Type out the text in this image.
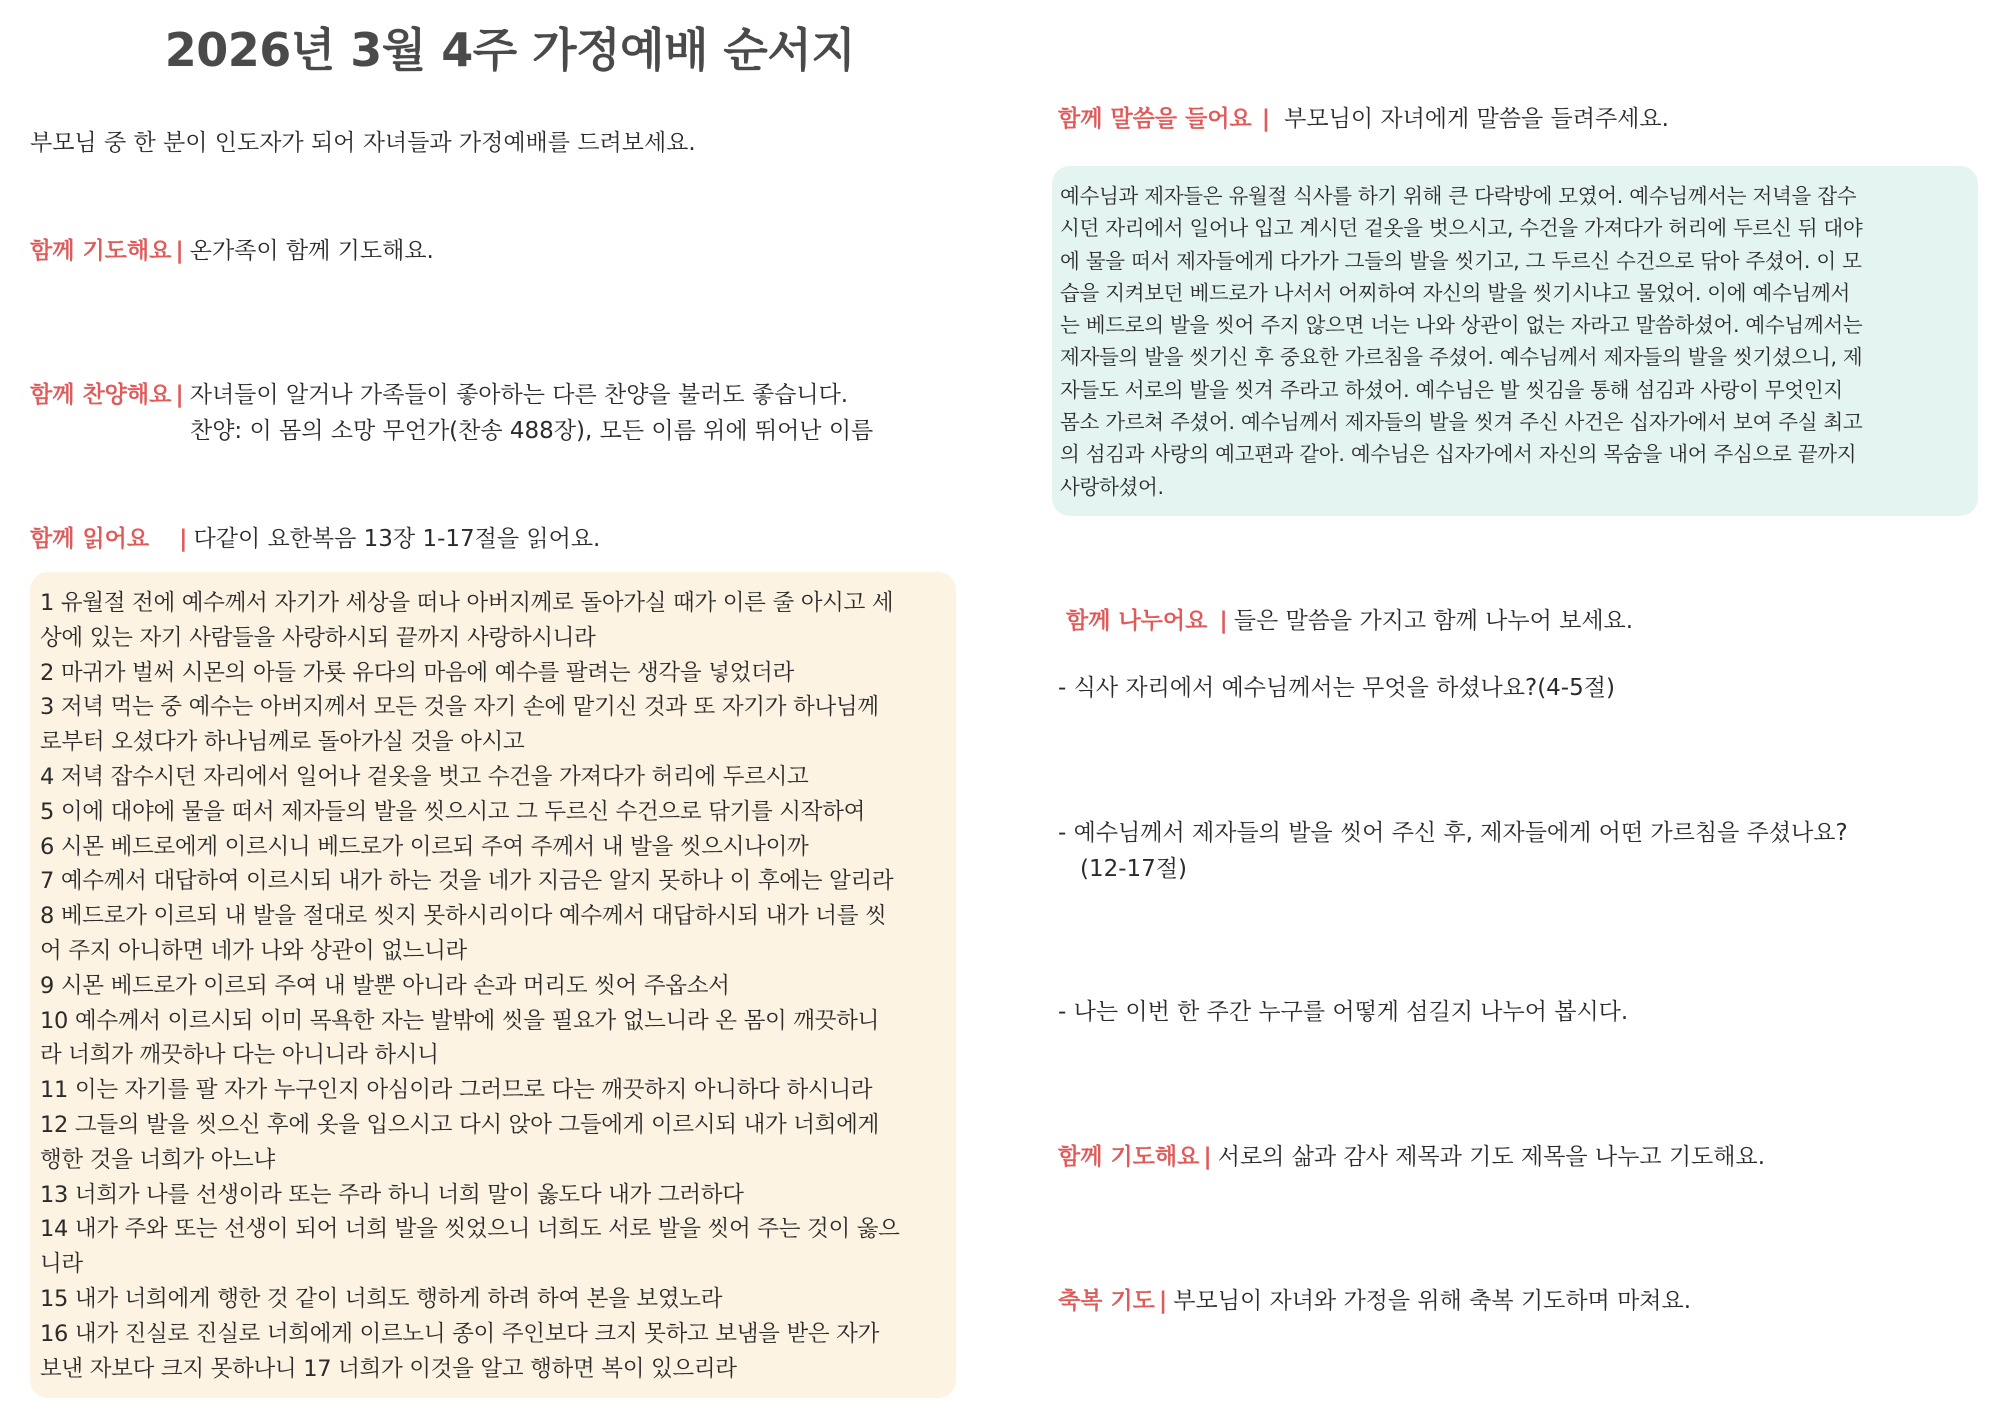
2026년 3월 4주 가정예배 순서지
부모님 중 한 분이 인도자가 되어 자녀들과 가정예배를 드려보세요.
함께 기도해요 | 온가족이 함께 기도해요.
함께 찬양해요 | 자녀들이 알거나 가족들이 좋아하는 다른 찬양을 불러도 좋습니다.
찬양: 이 몸의 소망 무언가(찬송 488장), 모든 이름 위에 뛰어난 이름
함께 읽어요 | 다같이 요한복음 13장 1-17절을 읽어요.

1 유월절 전에 예수께서 자기가 세상을 떠나 아버지께로 돌아가실 때가 이른 줄 아시고 세

상에 있는 자기 사람들을 사랑하시되 끝까지 사랑하시니라

2 마귀가 벌써 시몬의 아들 가룟 유다의 마음에 예수를 팔려는 생각을 넣었더라

3 저녁 먹는 중 예수는 아버지께서 모든 것을 자기 손에 맡기신 것과 또 자기가 하나님께

로부터 오셨다가 하나님께로 돌아가실 것을 아시고

4 저녁 잡수시던 자리에서 일어나 겉옷을 벗고 수건을 가져다가 허리에 두르시고

5 이에 대야에 물을 떠서 제자들의 발을 씻으시고 그 두르신 수건으로 닦기를 시작하여

6 시몬 베드로에게 이르시니 베드로가 이르되 주여 주께서 내 발을 씻으시나이까

7 예수께서 대답하여 이르시되 내가 하는 것을 네가 지금은 알지 못하나 이 후에는 알리라

8 베드로가 이르되 내 발을 절대로 씻지 못하시리이다 예수께서 대답하시되 내가 너를 씻

어 주지 아니하면 네가 나와 상관이 없느니라

9 시몬 베드로가 이르되 주여 내 발뿐 아니라 손과 머리도 씻어 주옵소서

10 예수께서 이르시되 이미 목욕한 자는 발밖에 씻을 필요가 없느니라 온 몸이 깨끗하니

라 너희가 깨끗하나 다는 아니니라 하시니

11 이는 자기를 팔 자가 누구인지 아심이라 그러므로 다는 깨끗하지 아니하다 하시니라

12 그들의 발을 씻으신 후에 옷을 입으시고 다시 앉아 그들에게 이르시되 내가 너희에게

행한 것을 너희가 아느냐

13 너희가 나를 선생이라 또는 주라 하니 너희 말이 옳도다 내가 그러하다

14 내가 주와 또는 선생이 되어 너희 발을 씻었으니 너희도 서로 발을 씻어 주는 것이 옳으

니라

15 내가 너희에게 행한 것 같이 너희도 행하게 하려 하여 본을 보였노라

16 내가 진실로 진실로 너희에게 이르노니 종이 주인보다 크지 못하고 보냄을 받은 자가

보낸 자보다 크지 못하나니 17 너희가 이것을 알고 행하면 복이 있으리라

함께 말씀을 들어요 | 부모님이 자녀에게 말씀을 들려주세요.

예수님과 제자들은 유월절 식사를 하기 위해 큰 다락방에 모였어. 예수님께서는 저녁을 잡수

시던 자리에서 일어나 입고 계시던 겉옷을 벗으시고, 수건을 가져다가 허리에 두르신 뒤 대야

에 물을 떠서 제자들에게 다가가 그들의 발을 씻기고, 그 두르신 수건으로 닦아 주셨어. 이 모

습을 지켜보던 베드로가 나서서 어찌하여 자신의 발을 씻기시냐고 물었어. 이에 예수님께서

는 베드로의 발을 씻어 주지 않으면 너는 나와 상관이 없는 자라고 말씀하셨어. 예수님께서는

제자들의 발을 씻기신 후 중요한 가르침을 주셨어. 예수님께서 제자들의 발을 씻기셨으니, 제

자들도 서로의 발을 씻겨 주라고 하셨어. 예수님은 발 씻김을 통해 섬김과 사랑이 무엇인지

몸소 가르쳐 주셨어. 예수님께서 제자들의 발을 씻겨 주신 사건은 십자가에서 보여 주실 최고

의 섬김과 사랑의 예고편과 같아. 예수님은 십자가에서 자신의 목숨을 내어 주심으로 끝까지

사랑하셨어.

함께 나누어요 | 들은 말씀을 가지고 함께 나누어 보세요.
- 식사 자리에서 예수님께서는 무엇을 하셨나요?(4-5절)
- 예수님께서 제자들의 발을 씻어 주신 후, 제자들에게 어떤 가르침을 주셨나요?
(12-17절)
- 나는 이번 한 주간 누구를 어떻게 섬길지 나누어 봅시다.
함께 기도해요 | 서로의 삶과 감사 제목과 기도 제목을 나누고 기도해요.
축복 기도 | 부모님이 자녀와 가정을 위해 축복 기도하며 마쳐요.
